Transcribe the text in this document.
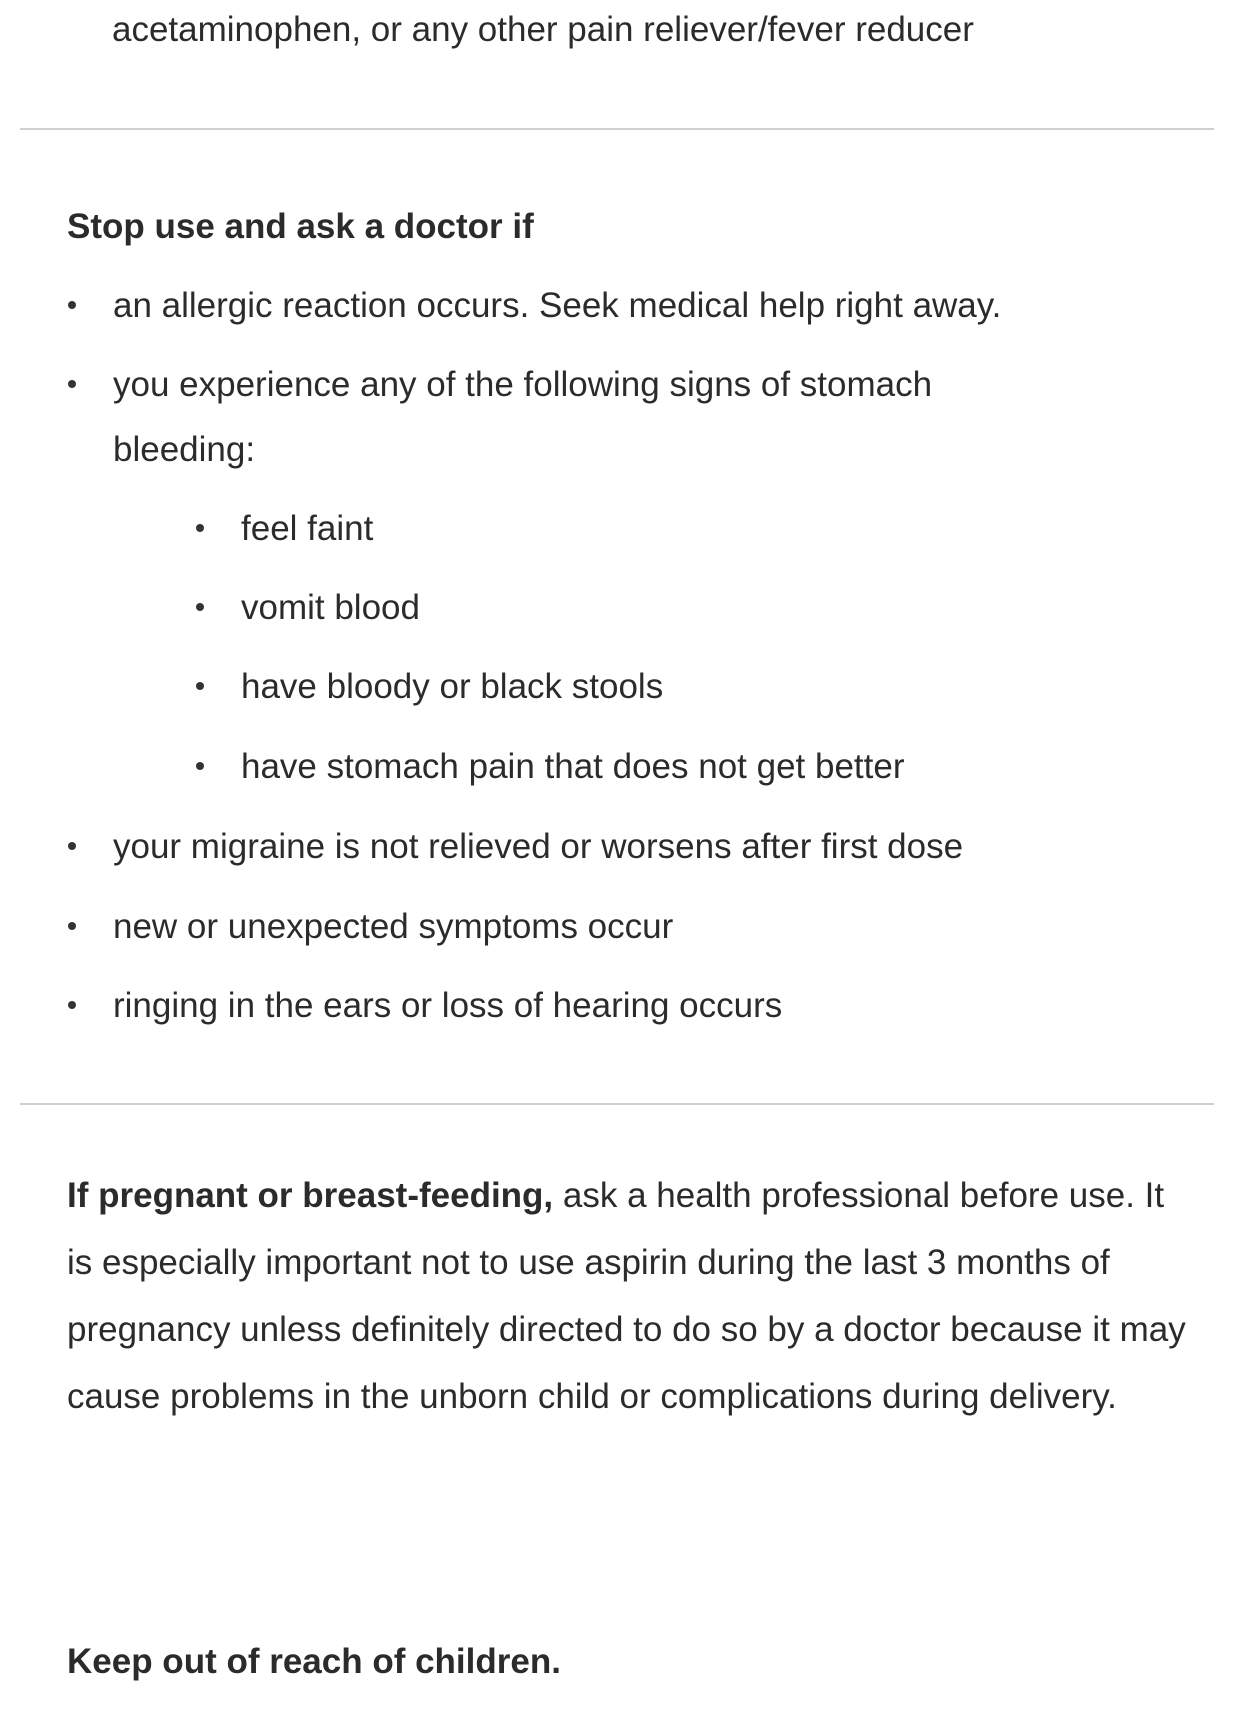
acetaminophen, or any other pain reliever/fever reducer
Stop use and ask a doctor if
an allergic reaction occurs. Seek medical help right away.
you experience any of the following signs of stomach
bleeding:
feel faint
vomit blood
have bloody or black stools
have stomach pain that does not get better
your migraine is not relieved or worsens after first dose
new or unexpected symptoms occur
ringing in the ears or loss of hearing occurs

If pregnant or breast-feeding, ask a health professional before use. It is especially important not to use aspirin during the last 3 months of pregnancy unless definitely directed to do so by a doctor because it may cause problems in the unborn child or complications during delivery.

Keep out of reach of children.
